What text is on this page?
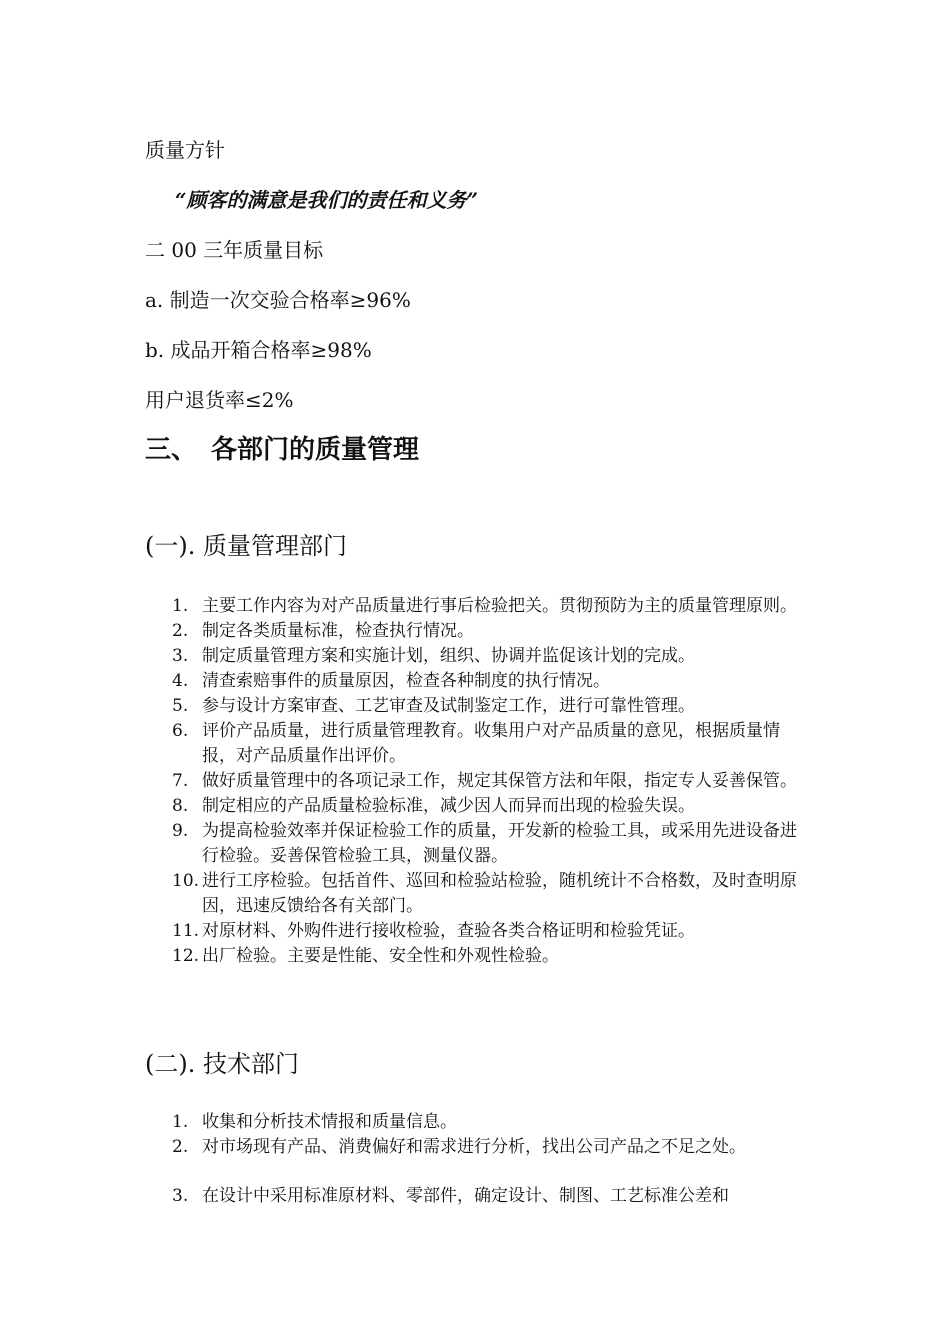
质量方针
“顾客的满意是我们的责任和义务”
二 00 三年质量目标
a. 制造一次交验合格率≥96%
b. 成品开箱合格率≥98%
用户退货率≤2%
三、 各部门的质量管理
(一). 质量管理部门
1. 主要工作内容为对产品质量进行事后检验把关。贯彻预防为主的质量管理原则。
2. 制定各类质量标准，检查执行情况。
3. 制定质量管理方案和实施计划，组织、协调并监促该计划的完成。
4. 清查索赔事件的质量原因，检查各种制度的执行情况。
5. 参与设计方案审查、工艺审查及试制鉴定工作，进行可靠性管理。
6. 评价产品质量，进行质量管理教育。收集用户对产品质量的意见，根据质量情报，对产品质量作出评价。
7. 做好质量管理中的各项记录工作，规定其保管方法和年限，指定专人妥善保管。
8. 制定相应的产品质量检验标准，减少因人而异而出现的检验失误。
9. 为提高检验效率并保证检验工作的质量，开发新的检验工具，或采用先进设备进行检验。妥善保管检验工具，测量仪器。
10. 进行工序检验。包括首件、巡回和检验站检验，随机统计不合格数，及时查明原因，迅速反馈给各有关部门。
11. 对原材料、外购件进行接收检验，查验各类合格证明和检验凭证。
12. 出厂检验。主要是性能、安全性和外观性检验。
(二). 技术部门
1. 收集和分析技术情报和质量信息。
2. 对市场现有产品、消费偏好和需求进行分析，找出公司产品之不足之处。
3. 在设计中采用标准原材料、零部件，确定设计、制图、工艺标准公差和
